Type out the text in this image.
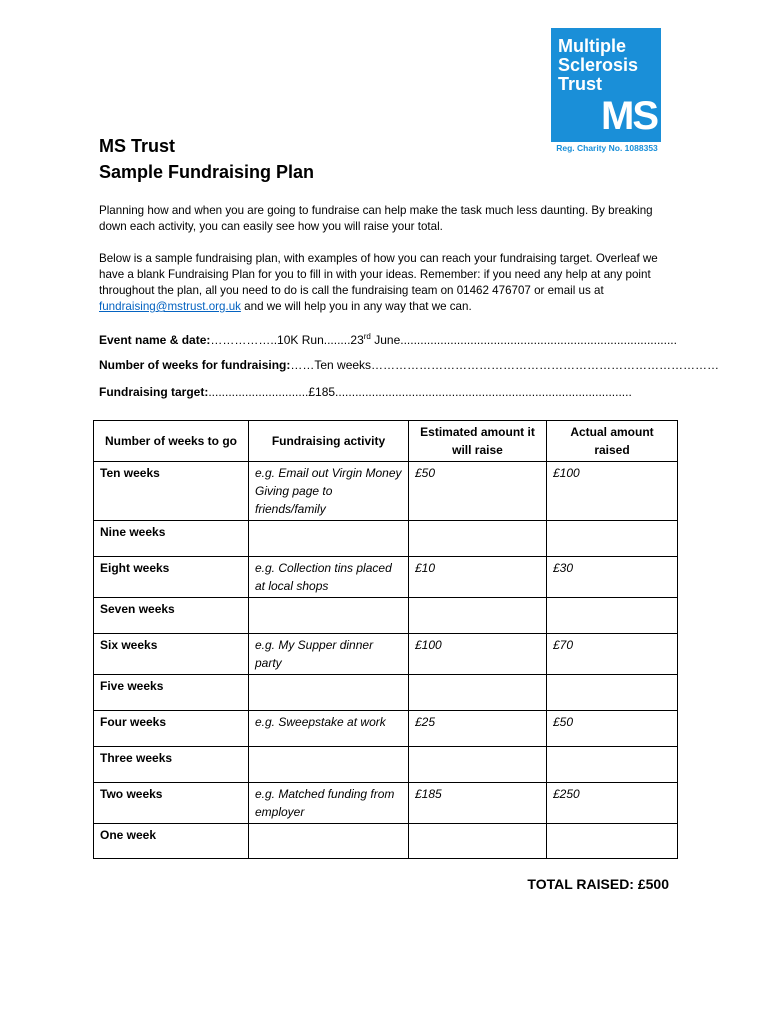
Multiple
Sclerosis
Trust
MS
Reg. Charity No. 1088353
MS Trust
Sample Fundraising Plan
Planning how and when you are going to fundraise can help make the task much less daunting. By breaking down each activity, you can easily see how you will raise your total.
Below is a sample fundraising plan, with examples of how you can reach your fundraising target. Overleaf we have a blank Fundraising Plan for you to fill in with your ideas. Remember: if you need any help at any point throughout the plan, all you need to do is call the fundraising team on 01462 476707 or email us at fundraising@mstrust.org.uk and we will help you in any way that we can.
Event name & date:……………..10K Run........23rd June...................................................................................
Number of weeks for fundraising:……Ten weeks……………………………………………………………………………
Fundraising target:..............................£185.........................................................................................
Number of weeks to go	Fundraising activity	Estimated amount it will raise	Actual amount raised
Ten weeks	e.g. Email out Virgin Money Giving page to friends/family	£50	£100
Nine weeks			
Eight weeks	e.g. Collection tins placed at local shops	£10	£30
Seven weeks			
Six weeks	e.g. My Supper dinner party	£100	£70
Five weeks			
Four weeks	e.g. Sweepstake at work	£25	£50
Three weeks			
Two weeks	e.g. Matched funding from employer	£185	£250
One week			
TOTAL RAISED: £500
